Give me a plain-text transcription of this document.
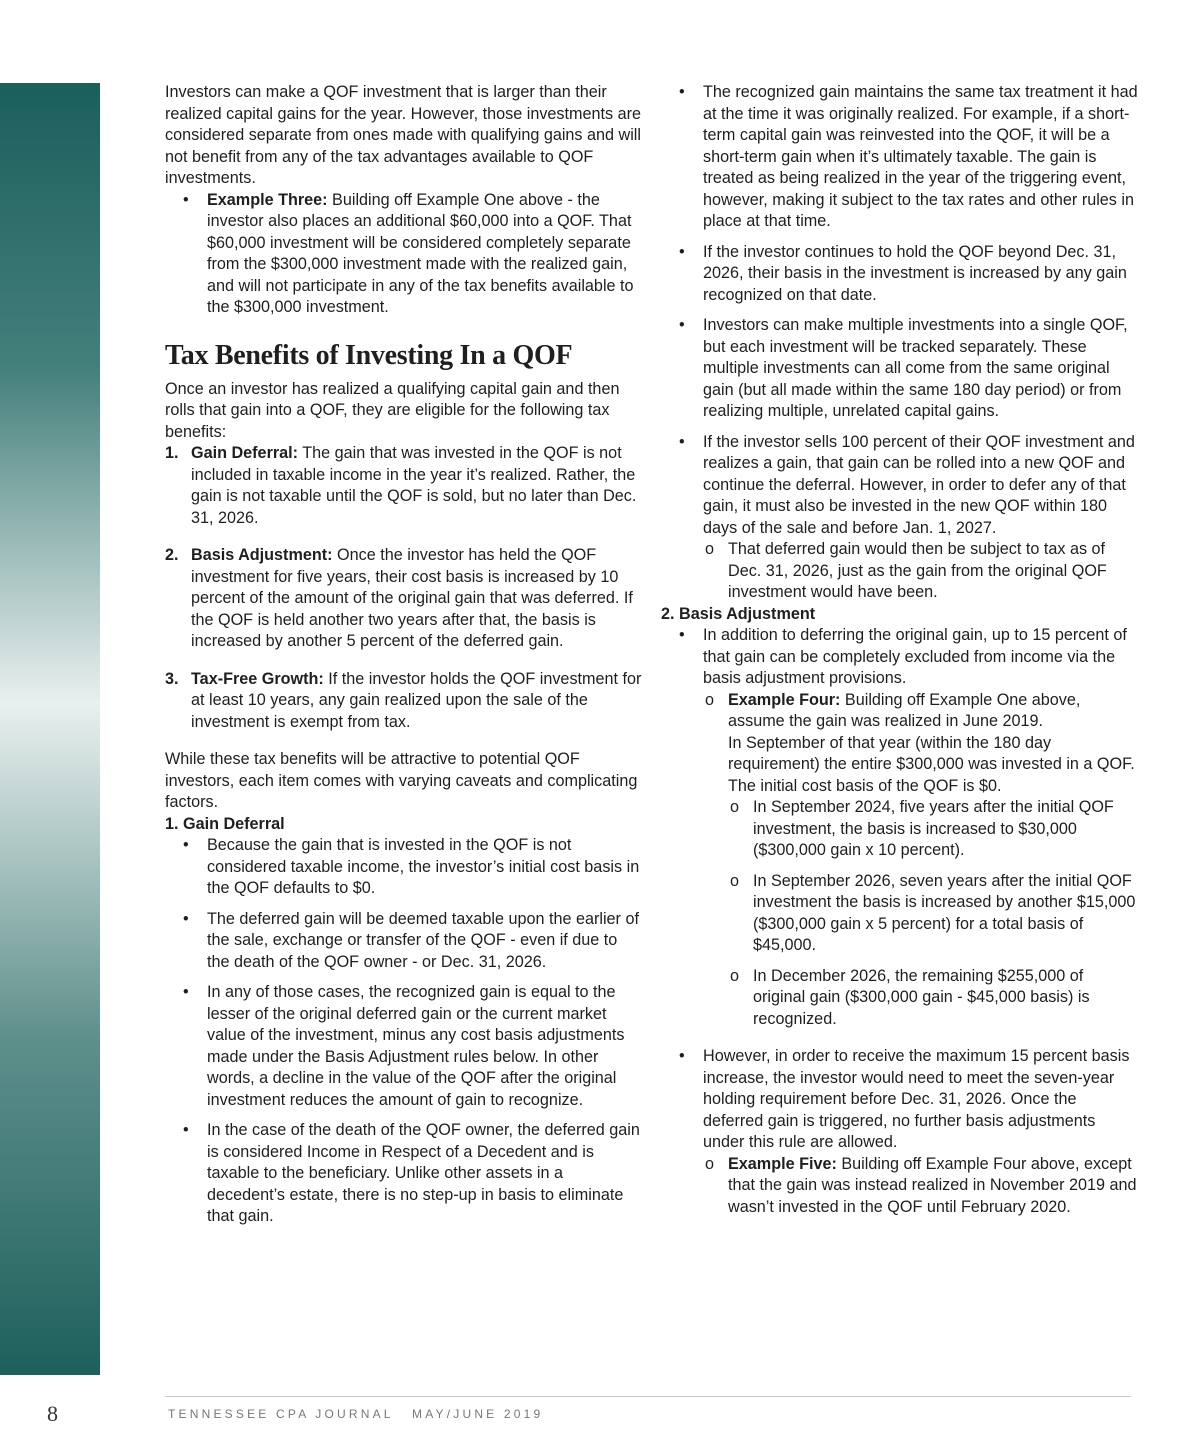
Investors can make a QOF investment that is larger than their realized capital gains for the year. However, those investments are considered separate from ones made with qualifying gains and will not benefit from any of the tax advantages available to QOF investments.

• Example Three: Building off Example One above - the investor also places an additional $60,000 into a QOF. That $60,000 investment will be considered completely separate from the $300,000 investment made with the realized gain, and will not participate in any of the tax benefits available to the $300,000 investment.
Tax Benefits of Investing In a QOF

Once an investor has realized a qualifying capital gain and then rolls that gain into a QOF, they are eligible for the following tax benefits:

1. Gain Deferral: The gain that was invested in the QOF is not included in taxable income in the year it’s realized. Rather, the gain is not taxable until the QOF is sold, but no later than Dec. 31, 2026.
2. Basis Adjustment: Once the investor has held the QOF investment for five years, their cost basis is increased by 10 percent of the amount of the original gain that was deferred. If the QOF is held another two years after that, the basis is increased by another 5 percent of the deferred gain.
3. Tax-Free Growth: If the investor holds the QOF investment for at least 10 years, any gain realized upon the sale of the investment is exempt from tax.

While these tax benefits will be attractive to potential QOF investors, each item comes with varying caveats and complicating factors.

1. Gain Deferral

• Because the gain that is invested in the QOF is not considered taxable income, the investor’s initial cost basis in the QOF defaults to $0.
• The deferred gain will be deemed taxable upon the earlier of the sale, exchange or transfer of the QOF - even if due to the death of the QOF owner - or Dec. 31, 2026.
• In any of those cases, the recognized gain is equal to the lesser of the original deferred gain or the current market value of the investment, minus any cost basis adjustments made under the Basis Adjustment rules below. In other words, a decline in the value of the QOF after the original investment reduces the amount of gain to recognize.
• In the case of the death of the QOF owner, the deferred gain is considered Income in Respect of a Decedent and is taxable to the beneficiary. Unlike other assets in a decedent’s estate, there is no step-up in basis to eliminate that gain.
• The recognized gain maintains the same tax treatment it had at the time it was originally realized. For example, if a short-term capital gain was reinvested into the QOF, it will be a short-term gain when it’s ultimately taxable. The gain is treated as being realized in the year of the triggering event, however, making it subject to the tax rates and other rules in place at that time.
• If the investor continues to hold the QOF beyond Dec. 31, 2026, their basis in the investment is increased by any gain recognized on that date.
• Investors can make multiple investments into a single QOF, but each investment will be tracked separately. These multiple investments can all come from the same original gain (but all made within the same 180 day period) or from realizing multiple, unrelated capital gains.
• If the investor sells 100 percent of their QOF investment and realizes a gain, that gain can be rolled into a new QOF and continue the deferral. However, in order to defer any of that gain, it must also be invested in the new QOF within 180 days of the sale and before Jan. 1, 2027.
o That deferred gain would then be subject to tax as of Dec. 31, 2026, just as the gain from the original QOF investment would have been.

2. Basis Adjustment

• In addition to deferring the original gain, up to 15 percent of that gain can be completely excluded from income via the basis adjustment provisions.
o Example Four: Building off Example One above, assume the gain was realized in June 2019.
In September of that year (within the 180 day requirement) the entire $300,000 was invested in a QOF. The initial cost basis of the QOF is $0.
o In September 2024, five years after the initial QOF investment, the basis is increased to $30,000 ($300,000 gain x 10 percent).
o In September 2026, seven years after the initial QOF investment the basis is increased by another $15,000 ($300,000 gain x 5 percent) for a total basis of $45,000.
o In December 2026, the remaining $255,000 of original gain ($300,000 gain - $45,000 basis) is recognized.
• However, in order to receive the maximum 15 percent basis increase, the investor would need to meet the seven-year holding requirement before Dec. 31, 2026. Once the deferred gain is triggered, no further basis adjustments under this rule are allowed.
o Example Five: Building off Example Four above, except that the gain was instead realized in November 2019 and wasn’t invested in the QOF until February 2020.
8	TENNESSEE CPA JOURNAL MAY/JUNE 2019
